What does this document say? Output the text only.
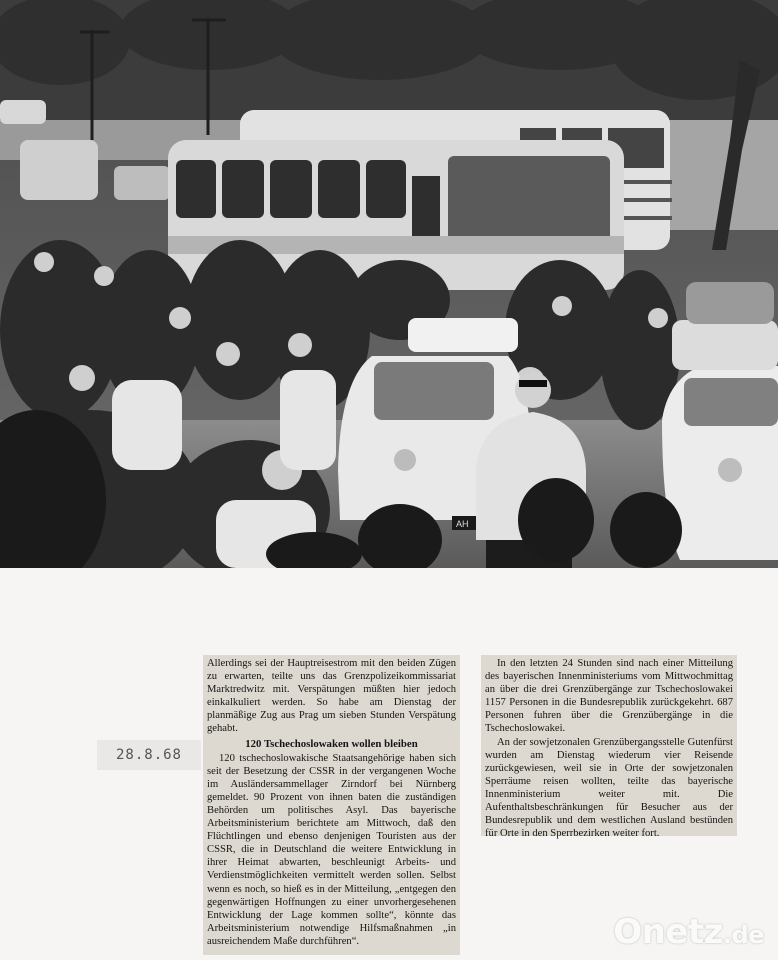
AH
28.8.68

Allerdings sei der Hauptreisestrom mit den beiden Zügen zu erwarten, teilte uns das Grenzpolizeikommissariat Marktredwitz mit. Verspätungen müßten hier jedoch einkalkuliert werden. So habe am Dienstag der planmäßige Zug aus Prag um sieben Stunden Verspätung gehabt.

120 Tschechoslowaken wollen bleiben

120 tschechoslowakische Staatsangehörige haben sich seit der Besetzung der CSSR in der vergangenen Woche im Ausländersammellager Zirndorf bei Nürnberg gemeldet. 90 Prozent von ihnen baten die zuständigen Behörden um politisches Asyl. Das bayerische Arbeitsministerium berichtete am Mittwoch, daß den Flüchtlingen und ebenso denjenigen Touristen aus der CSSR, die in Deutschland die weitere Entwicklung in ihrer Heimat abwarten, beschleunigt Arbeits- und Verdienstmöglichkeiten vermittelt werden sollen. Selbst wenn es noch, so hieß es in der Mitteilung, „entgegen den gegenwärtigen Hoffnungen zu einer unvorhergesehenen Entwicklung der Lage kommen sollte“, könnte das Arbeitsministerium notwendige Hilfsmaßnahmen „in ausreichendem Maße durchführen“.

In den letzten 24 Stunden sind nach einer Mitteilung des bayerischen Innenministeriums vom Mittwochmittag an über die drei Grenzübergänge zur Tschechoslowakei 1157 Personen in die Bundesrepublik zurückgekehrt. 687 Personen fuhren über die Grenzübergänge in die Tschechoslowakei.

An der sowjetzonalen Grenzübergangsstelle Gutenfürst wurden am Dienstag wiederum vier Reisende zurückgewiesen, weil sie in Orte der sowjetzonalen Sperräume reisen wollten, teilte das bayerische Innenministerium weiter mit. Die Aufenthaltsbeschränkungen für Besucher aus der Bundesrepublik und dem westlichen Ausland bestünden für Orte in den Sperrbezirken weiter fort.

Onetz.de
